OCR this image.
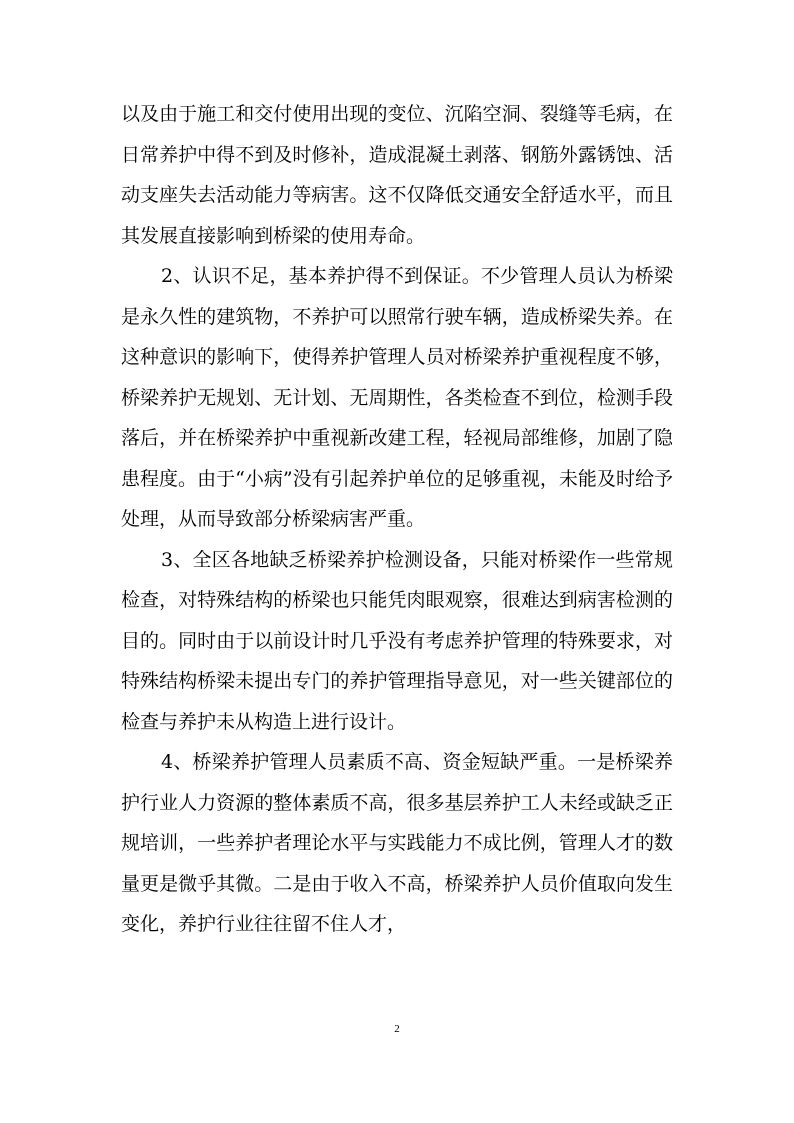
以及由于施工和交付使用出现的变位、沉陷空洞、裂缝等毛病，在日常养护中得不到及时修补，造成混凝土剥落、钢筋外露锈蚀、活动支座失去活动能力等病害。这不仅降低交通安全舒适水平，而且其发展直接影响到桥梁的使用寿命。

2、认识不足，基本养护得不到保证。不少管理人员认为桥梁是永久性的建筑物，不养护可以照常行驶车辆，造成桥梁失养。在这种意识的影响下，使得养护管理人员对桥梁养护重视程度不够，桥梁养护无规划、无计划、无周期性，各类检查不到位，检测手段落后，并在桥梁养护中重视新改建工程，轻视局部维修，加剧了隐患程度。由于“小病”没有引起养护单位的足够重视，未能及时给予处理，从而导致部分桥梁病害严重。

3、全区各地缺乏桥梁养护检测设备，只能对桥梁作一些常规检查，对特殊结构的桥梁也只能凭肉眼观察，很难达到病害检测的目的。同时由于以前设计时几乎没有考虑养护管理的特殊要求，对特殊结构桥梁未提出专门的养护管理指导意见，对一些关键部位的检查与养护未从构造上进行设计。

4、桥梁养护管理人员素质不高、资金短缺严重。一是桥梁养护行业人力资源的整体素质不高，很多基层养护工人未经或缺乏正规培训，一些养护者理论水平与实践能力不成比例，管理人才的数量更是微乎其微。二是由于收入不高，桥梁养护人员价值取向发生变化，养护行业往往留不住人才，

2
